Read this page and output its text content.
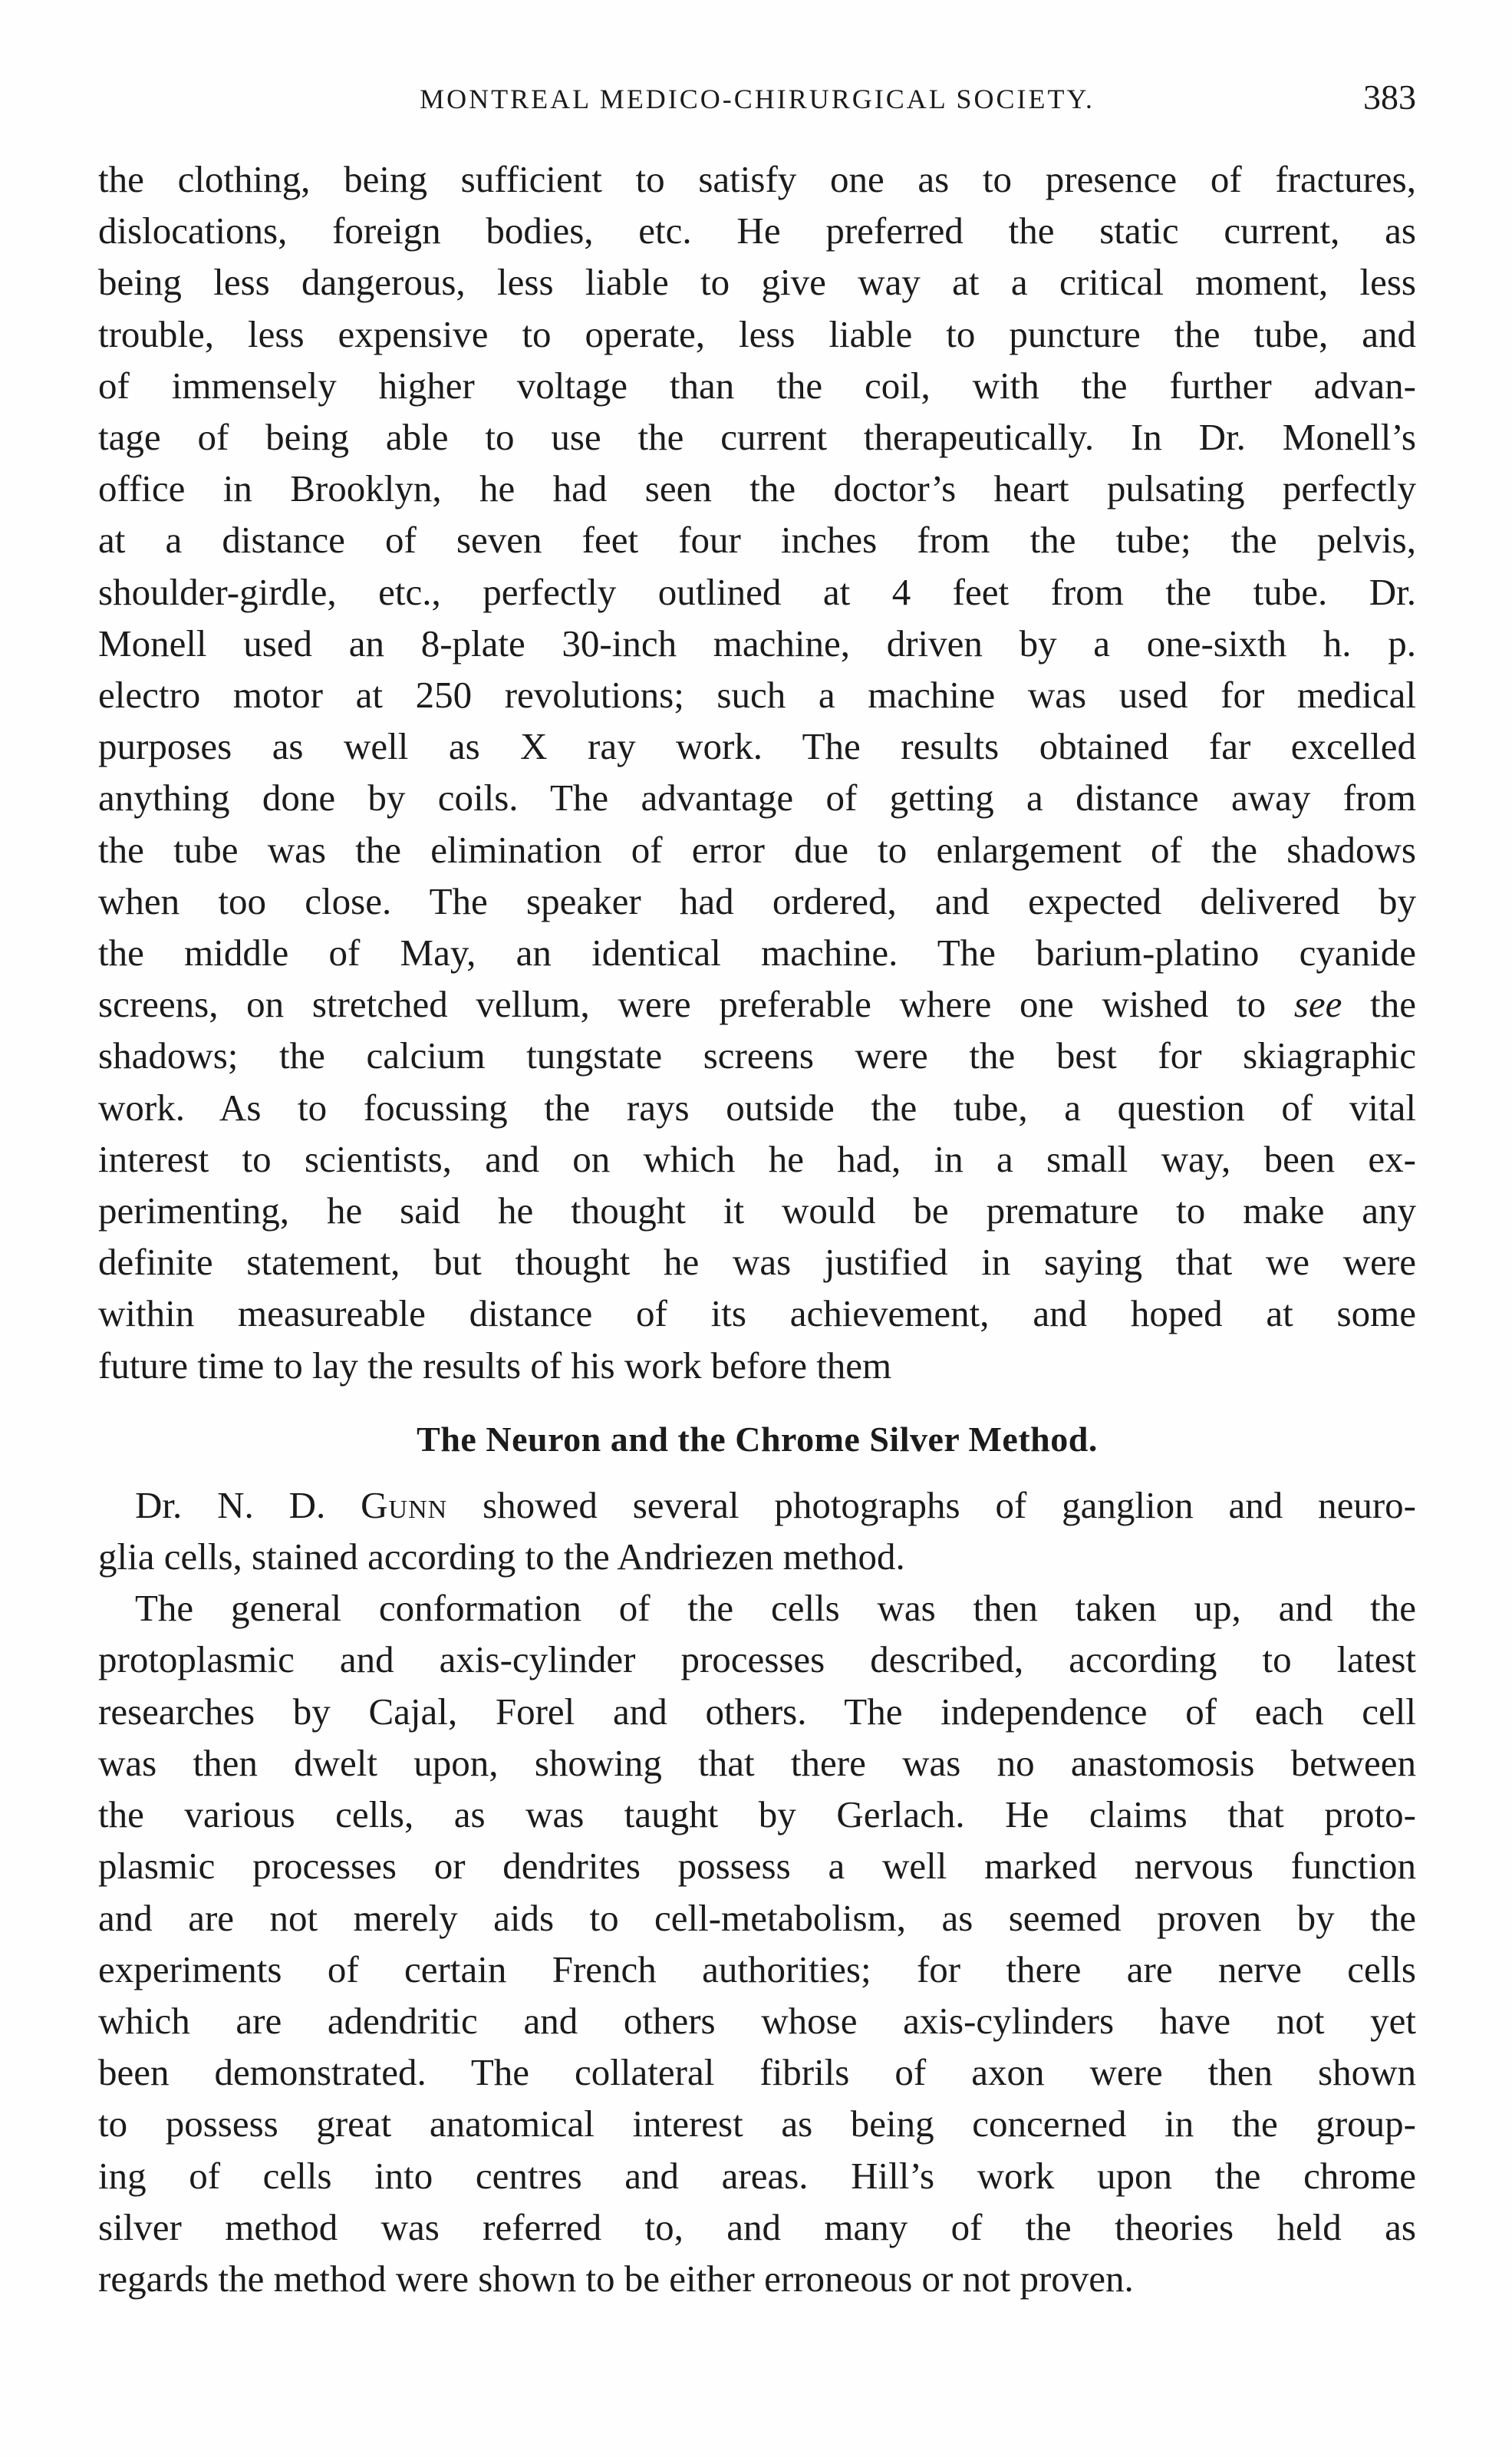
MONTREAL MEDICO-CHIRURGICAL SOCIETY.	383

the clothing, being sufficient to satisfy one as to presence of fractures,
dislocations, foreign bodies, etc. He preferred the static current, as
being less dangerous, less liable to give way at a critical moment, less
trouble, less expensive to operate, less liable to puncture the tube, and
of immensely higher voltage than the coil, with the further advan-
tage of being able to use the current therapeutically. In Dr. Monell’s
office in Brooklyn, he had seen the doctor’s heart pulsating perfectly
at a distance of seven feet four inches from the tube; the pelvis,
shoulder-girdle, etc., perfectly outlined at 4 feet from the tube. Dr.
Monell used an 8-plate 30-inch machine, driven by a one-sixth h. p.
electro motor at 250 revolutions; such a machine was used for medical
purposes as well as X ray work. The results obtained far excelled
anything done by coils. The advantage of getting a distance away from
the tube was the elimination of error due to enlargement of the shadows
when too close. The speaker had ordered, and expected delivered by
the middle of May, an identical machine. The barium-platino cyanide
screens, on stretched vellum, were preferable where one wished to see the
shadows; the calcium tungstate screens were the best for skiagraphic
work. As to focussing the rays outside the tube, a question of vital
interest to scientists, and on which he had, in a small way, been ex-
perimenting, he said he thought it would be premature to make any
definite statement, but thought he was justified in saying that we were
within measureable distance of its achievement, and hoped at some
future time to lay the results of his work before them

The Neuron and the Chrome Silver Method.

Dr. N. D. Gunn showed several photographs of ganglion and neuro-
glia cells, stained according to the Andriezen method.

The general conformation of the cells was then taken up, and the
protoplasmic and axis-cylinder processes described, according to latest
researches by Cajal, Forel and others. The independence of each cell
was then dwelt upon, showing that there was no anastomosis between
the various cells, as was taught by Gerlach. He claims that proto-
plasmic processes or dendrites possess a well marked nervous function
and are not merely aids to cell-metabolism, as seemed proven by the
experiments of certain French authorities; for there are nerve cells
which are adendritic and others whose axis-cylinders have not yet
been demonstrated. The collateral fibrils of axon were then shown
to possess great anatomical interest as being concerned in the group-
ing of cells into centres and areas. Hill’s work upon the chrome
silver method was referred to, and many of the theories held as
regards the method were shown to be either erroneous or not proven.
